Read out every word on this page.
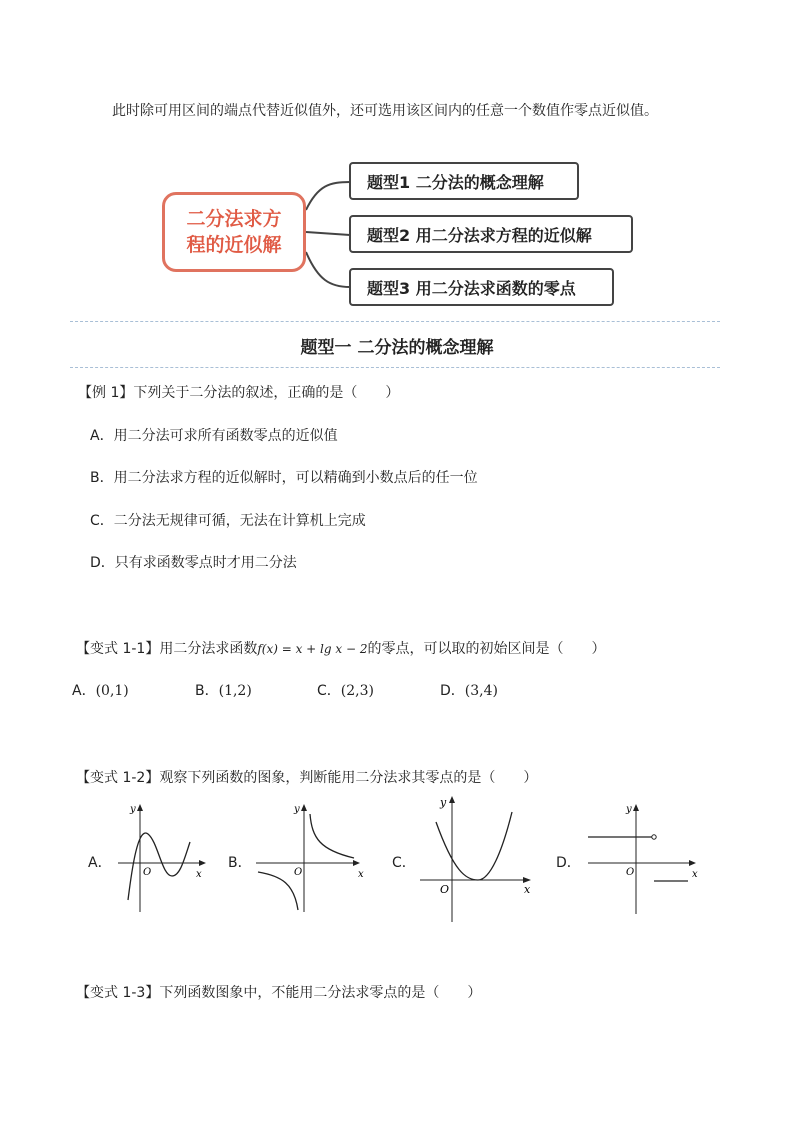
此时除可用区间的端点代替近似值外，还可选用该区间内的任意一个数值作零点近似值。
二分法求方
程的近似解
题型1 二分法的概念理解
题型2 用二分法求方程的近似解
题型3 用二分法求函数的零点
题型一 二分法的概念理解
【例 1】下列关于二分法的叙述，正确的是（　　）
A．用二分法可求所有函数零点的近似值
B．用二分法求方程的近似解时，可以精确到小数点后的任一位
C．二分法无规律可循，无法在计算机上完成
D．只有求函数零点时才用二分法
【变式 1-1】用二分法求函数f(x) = x + lg x − 2的零点，可以取的初始区间是（　　）
A．(0,1)	B．(1,2)	C．(2,3)	D．(3,4)
【变式 1-2】观察下列函数的图象，判断能用二分法求其零点的是（　　）
A．
y
x
O
B．
y
x
O
C．
y
x
O
D．
y
x
O
【变式 1-3】下列函数图象中，不能用二分法求零点的是（　　）
